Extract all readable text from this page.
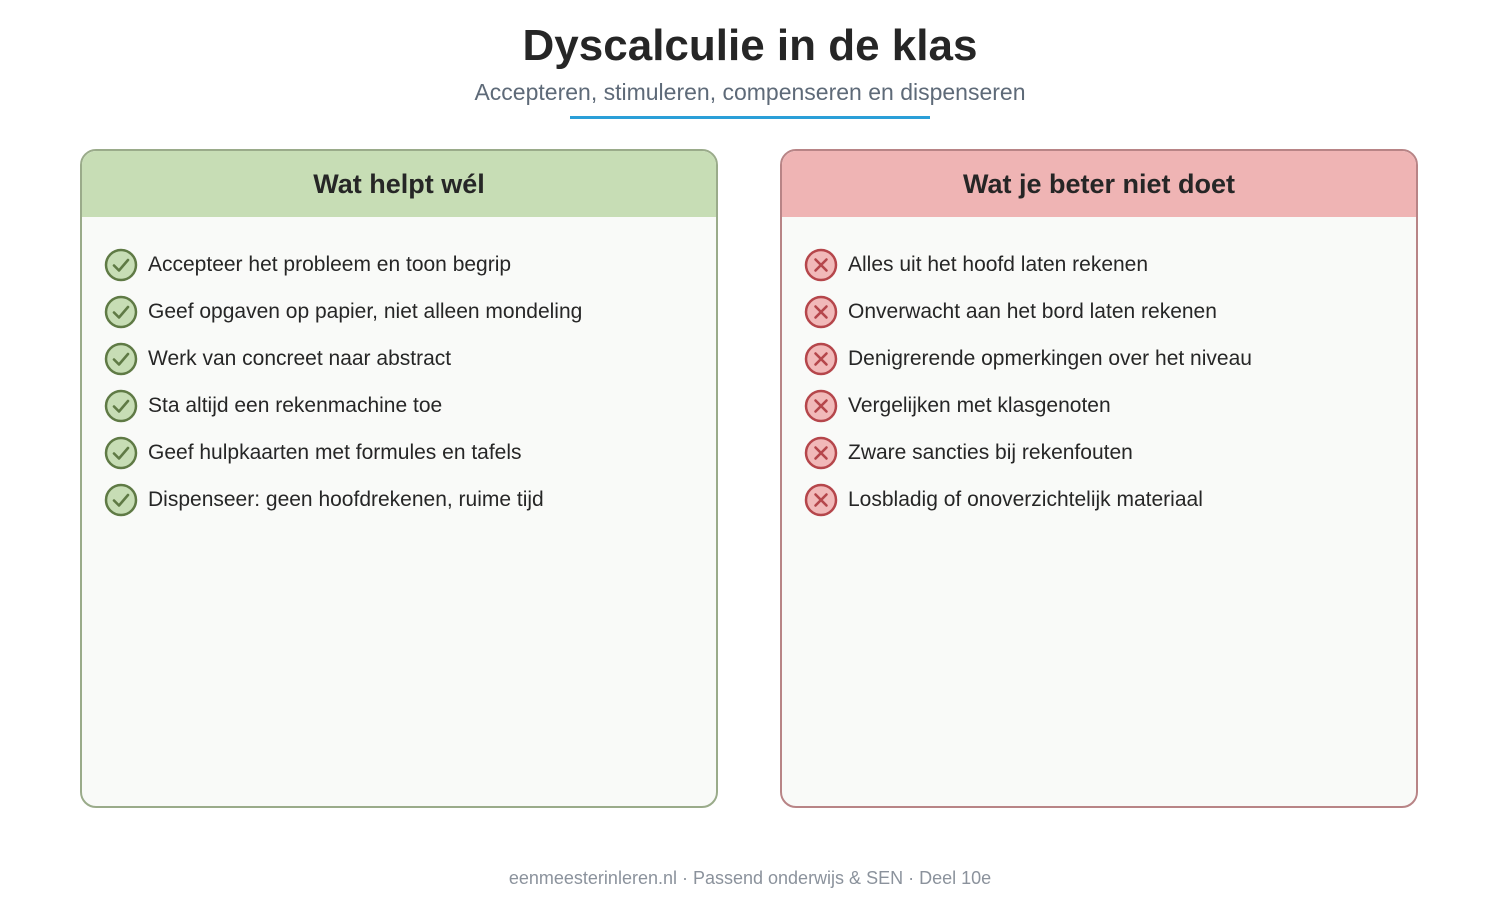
Dyscalculie in de klas
Accepteren, stimuleren, compenseren en dispenseren
Wat helpt wél
Accepteer het probleem en toon begrip
Geef opgaven op papier, niet alleen mondeling
Werk van concreet naar abstract
Sta altijd een rekenmachine toe
Geef hulpkaarten met formules en tafels
Dispenseer: geen hoofdrekenen, ruime tijd
Wat je beter niet doet
Alles uit het hoofd laten rekenen
Onverwacht aan het bord laten rekenen
Denigrerende opmerkingen over het niveau
Vergelijken met klasgenoten
Zware sancties bij rekenfouten
Losbladig of onoverzichtelijk materiaal
eenmeesterinleren.nl · Passend onderwijs & SEN · Deel 10e
